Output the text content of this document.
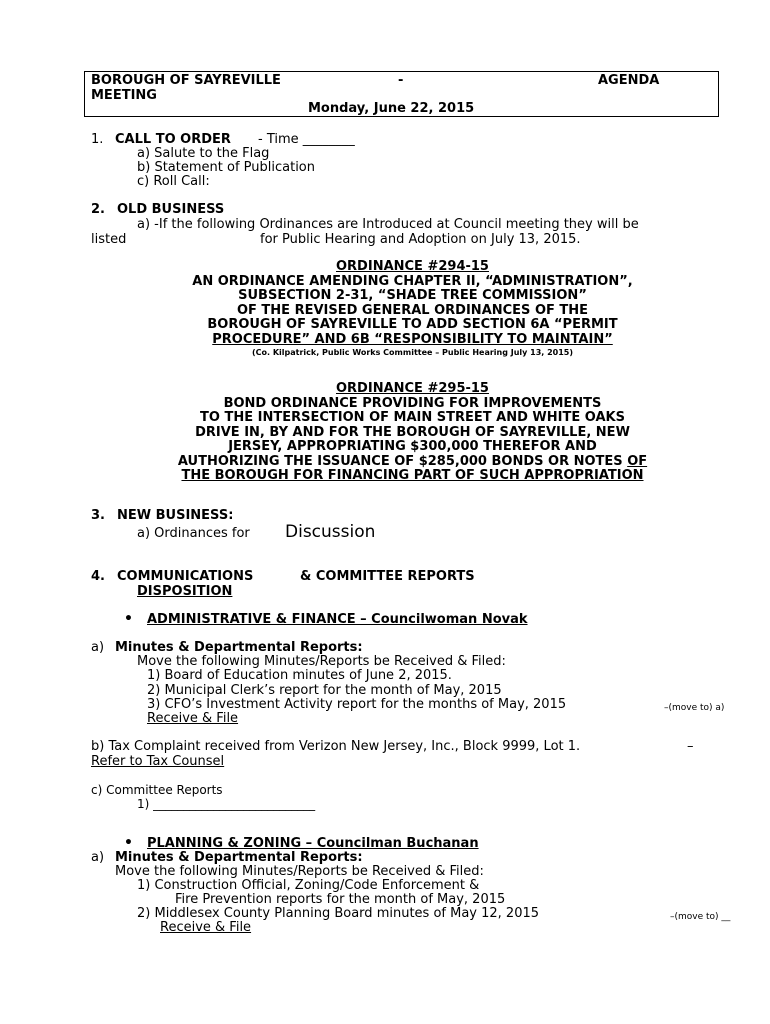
BOROUGH OF SAYREVILLE	-	AGENDA
MEETING
Monday, June 22, 2015
1. CALL TO ORDER - Time ________
a) Salute to the Flag
b) Statement of Publication
c) Roll Call:
2. OLD BUSINESS
a) -If the following Ordinances are Introduced at Council meeting they will be
listed	for Public Hearing and Adoption on July 13, 2015.
ORDINANCE #294-15
AN ORDINANCE AMENDING CHAPTER II, “ADMINISTRATION”,
SUBSECTION 2-31, “SHADE TREE COMMISSION”
OF THE REVISED GENERAL ORDINANCES OF THE
BOROUGH OF SAYREVILLE TO ADD SECTION 6A “PERMIT
PROCEDURE” AND 6B “RESPONSIBILITY TO MAINTAIN”
(Co. Kilpatrick, Public Works Committee – Public Hearing July 13, 2015)
ORDINANCE #295-15
BOND ORDINANCE PROVIDING FOR IMPROVEMENTS
TO THE INTERSECTION OF MAIN STREET AND WHITE OAKS
DRIVE IN, BY AND FOR THE BOROUGH OF SAYREVILLE, NEW
JERSEY, APPROPRIATING $300,000 THEREFOR AND
AUTHORIZING THE ISSUANCE OF $285,000 BONDS OR NOTES OF
THE BOROUGH FOR FINANCING PART OF SUCH APPROPRIATION
3. NEW BUSINESS:
a) Ordinances for Discussion
4. COMMUNICATIONS	& COMMITTEE REPORTS
DISPOSITION
• ADMINISTRATIVE & FINANCE – Councilwoman Novak
a) Minutes & Departmental Reports:
Move the following Minutes/Reports be Received & Filed:
1) Board of Education minutes of June 2, 2015.
2) Municipal Clerk’s report for the month of May, 2015
3) CFO’s Investment Activity report for the months of May, 2015	–(move to) a)
Receive & File
b) Tax Complaint received from Verizon New Jersey, Inc., Block 9999, Lot 1.	–
Refer to Tax Counsel
c) Committee Reports
1) ___________________________
• PLANNING & ZONING – Councilman Buchanan
a) Minutes & Departmental Reports:
Move the following Minutes/Reports be Received & Filed:
1) Construction Official, Zoning/Code Enforcement &
Fire Prevention reports for the month of May, 2015
2) Middlesex County Planning Board minutes of May 12, 2015	–(move to) __
Receive & File
